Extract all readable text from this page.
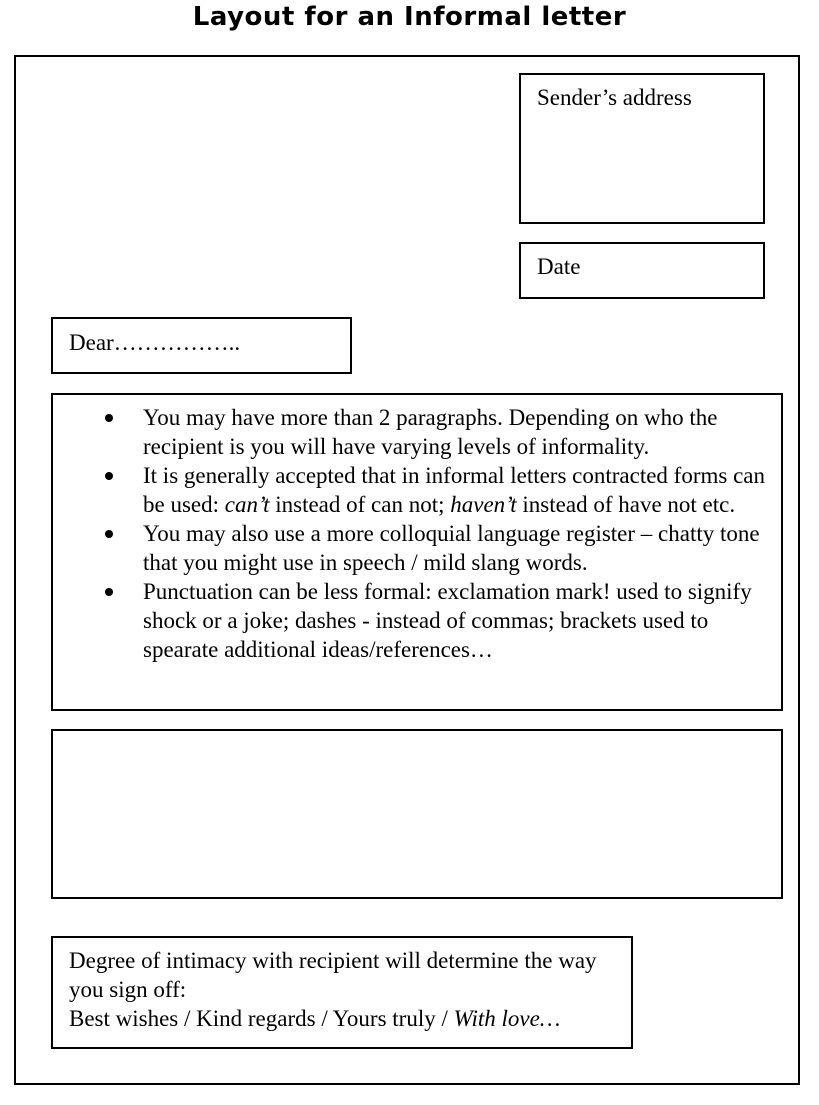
Layout for an Informal letter
Sender’s address
Date
Dear……………..
You may have more than 2 paragraphs. Depending on who the recipient is you will have varying levels of informality.
It is generally accepted that in informal letters contracted forms can be used: can’t instead of can not; haven’t instead of have not etc.
You may also use a more colloquial language register – chatty tone that you might use in speech / mild slang words.
Punctuation can be less formal: exclamation mark! used to signify shock or a joke; dashes - instead of commas; brackets used to spearate additional ideas/references…
Degree of intimacy with recipient will determine the way you sign off:
Best wishes / Kind regards / Yours truly / With love…
